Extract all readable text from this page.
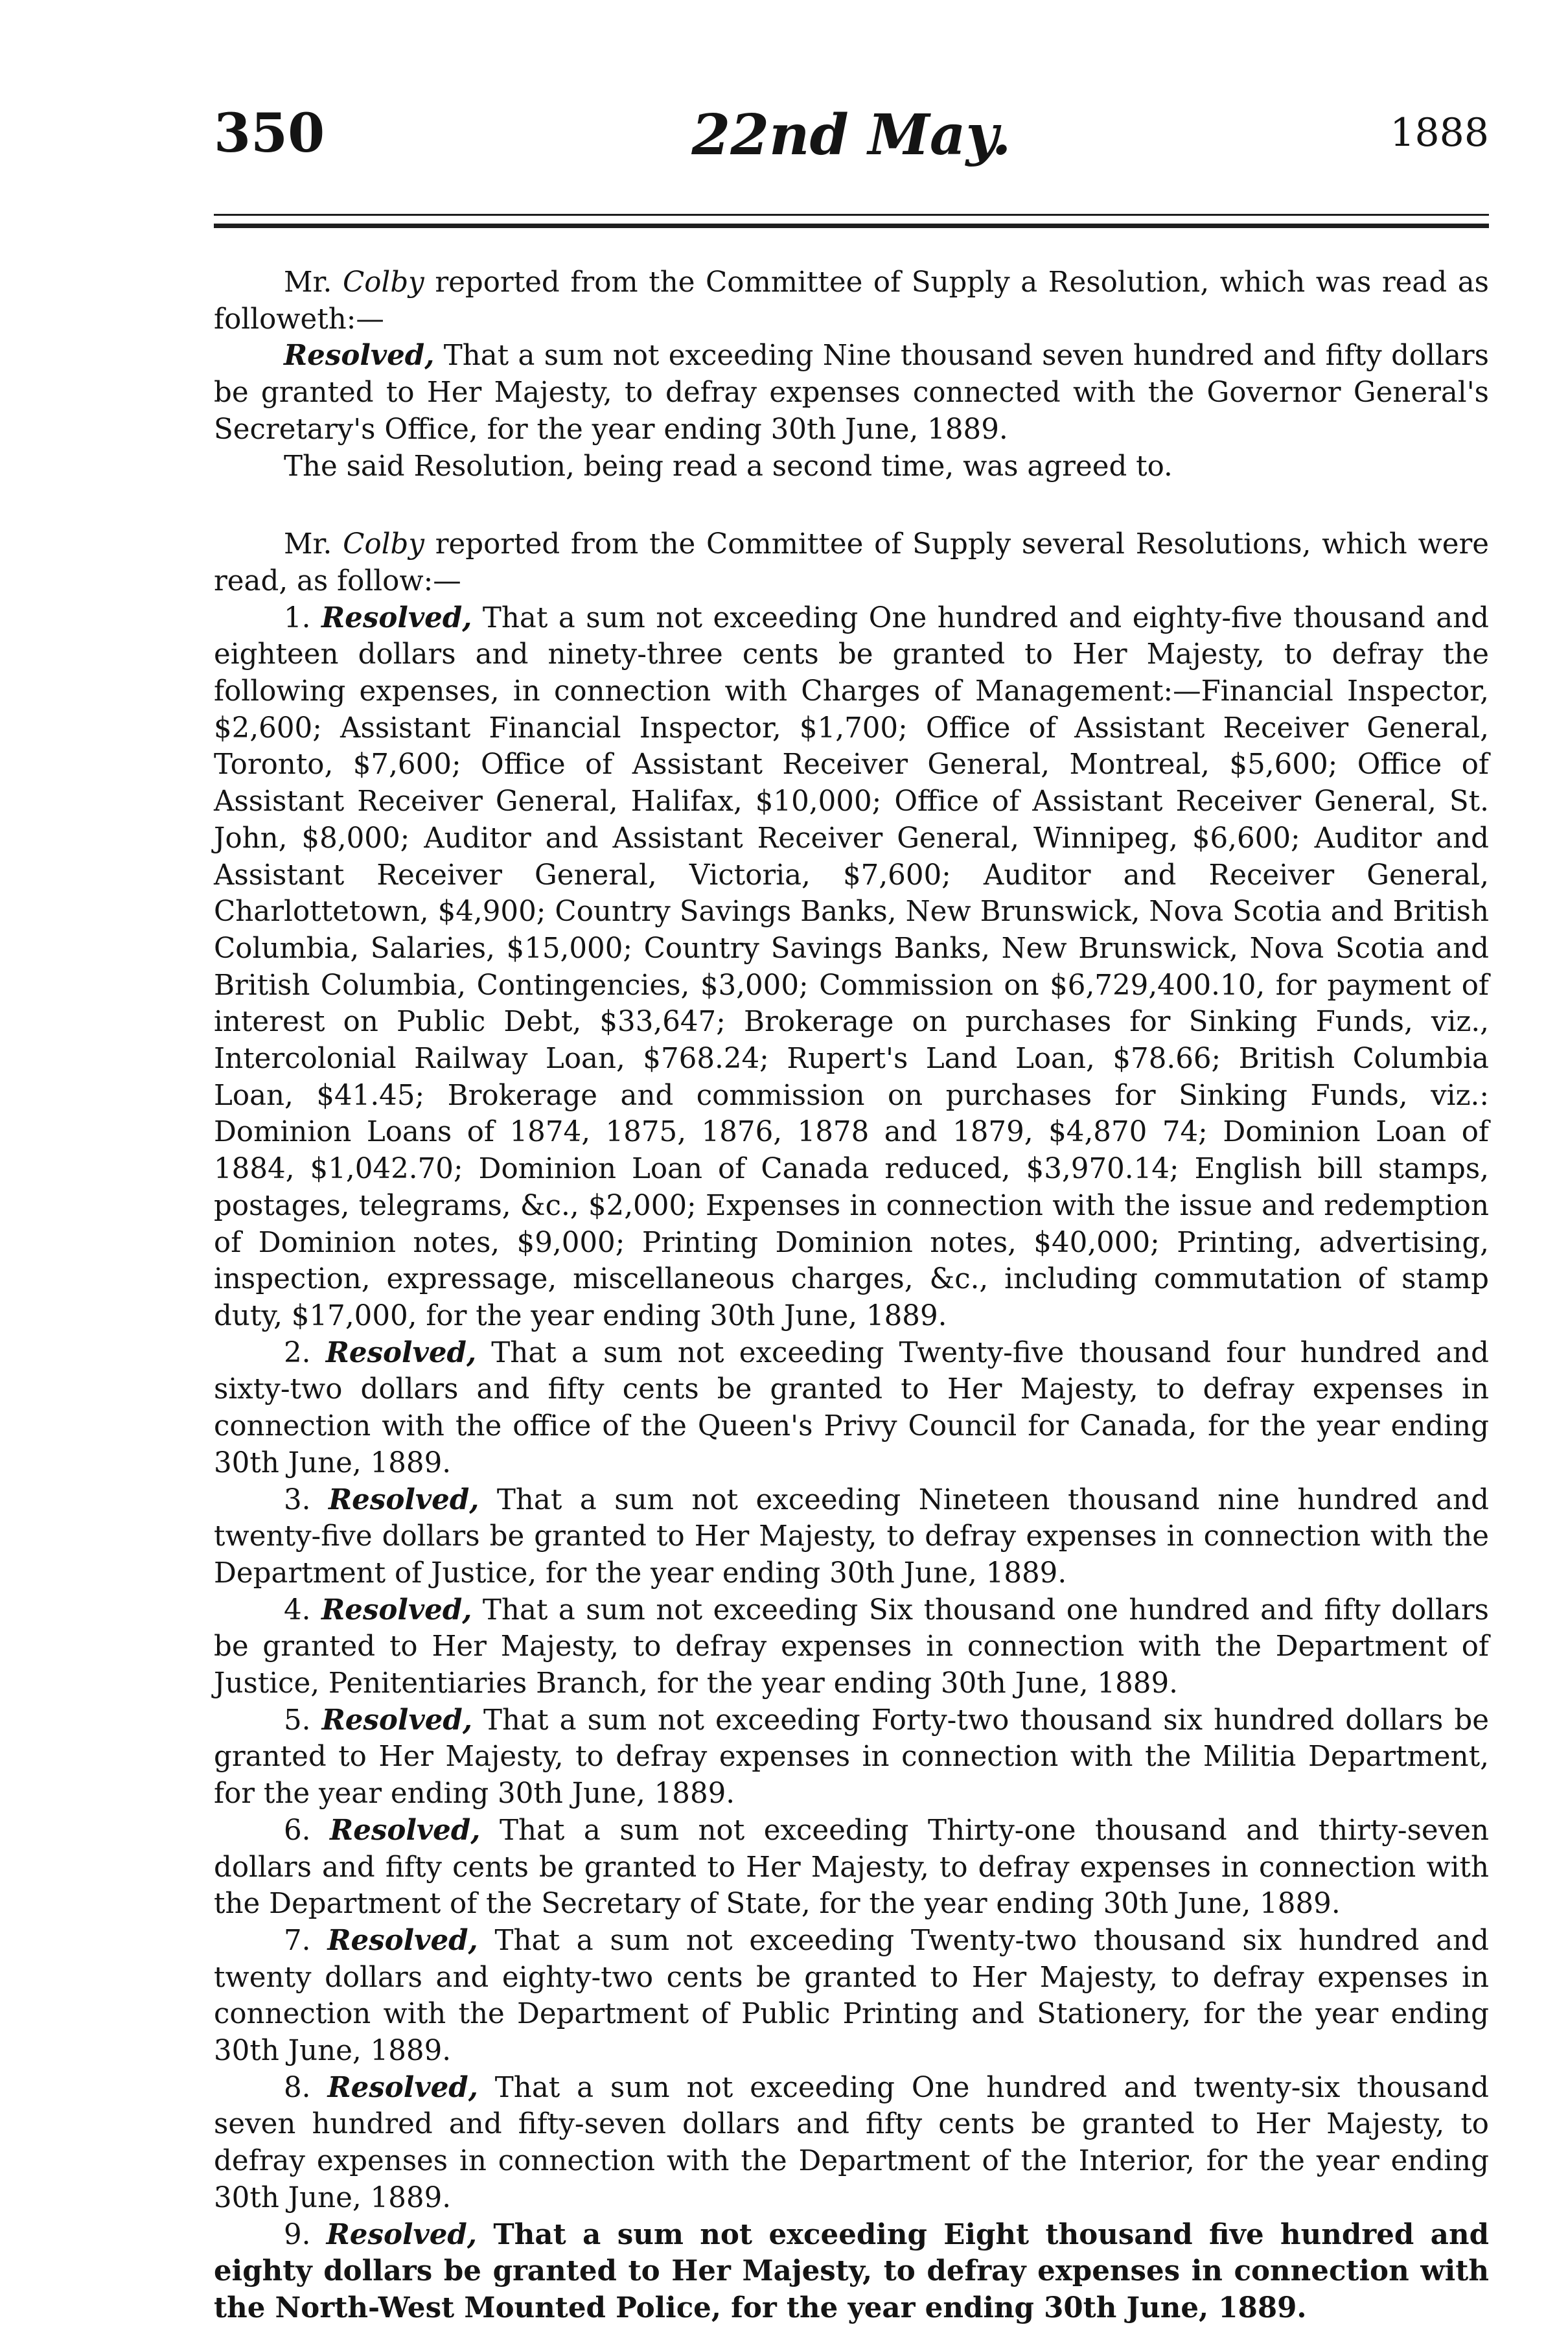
350	22nd May.	1888

Mr. Colby reported from the Committee of Supply a Resolution, which was read as followeth:—

Resolved, That a sum not exceeding Nine thousand seven hundred and fifty dollars be granted to Her Majesty, to defray expenses connected with the Governor General's Secretary's Office, for the year ending 30th June, 1889.

The said Resolution, being read a second time, was agreed to.

Mr. Colby reported from the Committee of Supply several Resolutions, which were read, as follow:—

1. Resolved, That a sum not exceeding One hundred and eighty-five thousand and eighteen dollars and ninety-three cents be granted to Her Majesty, to defray the following expenses, in connection with Charges of Management:—Financial Inspector, $2,600; Assistant Financial Inspector, $1,700; Office of Assistant Receiver General, Toronto, $7,600; Office of Assistant Receiver General, Montreal, $5,600; Office of Assistant Receiver General, Halifax, $10,000; Office of Assistant Receiver General, St. John, $8,000; Auditor and Assistant Receiver General, Winnipeg, $6,600; Auditor and Assistant Receiver General, Victoria, $7,600; Auditor and Receiver General, Charlottetown, $4,900; Country Savings Banks, New Brunswick, Nova Scotia and British Columbia, Salaries, $15,000; Country Savings Banks, New Brunswick, Nova Scotia and British Columbia, Contingencies, $3,000; Commission on $6,729,400.10, for payment of interest on Public Debt, $33,647; Brokerage on purchases for Sinking Funds, viz., Intercolonial Railway Loan, $768.24; Rupert's Land Loan, $78.66; British Columbia Loan, $41.45; Brokerage and commission on purchases for Sinking Funds, viz.: Dominion Loans of 1874, 1875, 1876, 1878 and 1879, $4,870 74; Dominion Loan of 1884, $1,042.70; Dominion Loan of Canada reduced, $3,970.14; English bill stamps, postages, telegrams, &c., $2,000; Expenses in connection with the issue and redemption of Dominion notes, $9,000; Printing Dominion notes, $40,000; Printing, advertising, inspection, expressage, miscellaneous charges, &c., including commutation of stamp duty, $17,000, for the year ending 30th June, 1889.

2. Resolved, That a sum not exceeding Twenty-five thousand four hundred and sixty-two dollars and fifty cents be granted to Her Majesty, to defray expenses in connection with the office of the Queen's Privy Council for Canada, for the year ending 30th June, 1889.

3. Resolved, That a sum not exceeding Nineteen thousand nine hundred and twenty-five dollars be granted to Her Majesty, to defray expenses in connection with the Department of Justice, for the year ending 30th June, 1889.

4. Resolved, That a sum not exceeding Six thousand one hundred and fifty dollars be granted to Her Majesty, to defray expenses in connection with the Department of Justice, Penitentiaries Branch, for the year ending 30th June, 1889.

5. Resolved, That a sum not exceeding Forty-two thousand six hundred dollars be granted to Her Majesty, to defray expenses in connection with the Militia Department, for the year ending 30th June, 1889.

6. Resolved, That a sum not exceeding Thirty-one thousand and thirty-seven dollars and fifty cents be granted to Her Majesty, to defray expenses in connection with the Department of the Secretary of State, for the year ending 30th June, 1889.

7. Resolved, That a sum not exceeding Twenty-two thousand six hundred and twenty dollars and eighty-two cents be granted to Her Majesty, to defray expenses in connection with the Department of Public Printing and Stationery, for the year ending 30th June, 1889.

8. Resolved, That a sum not exceeding One hundred and twenty-six thousand seven hundred and fifty-seven dollars and fifty cents be granted to Her Majesty, to defray expenses in connection with the Department of the Interior, for the year ending 30th June, 1889.

9. Resolved, That a sum not exceeding Eight thousand five hundred and eighty dollars be granted to Her Majesty, to defray expenses in connection with the North-West Mounted Police, for the year ending 30th June, 1889.
